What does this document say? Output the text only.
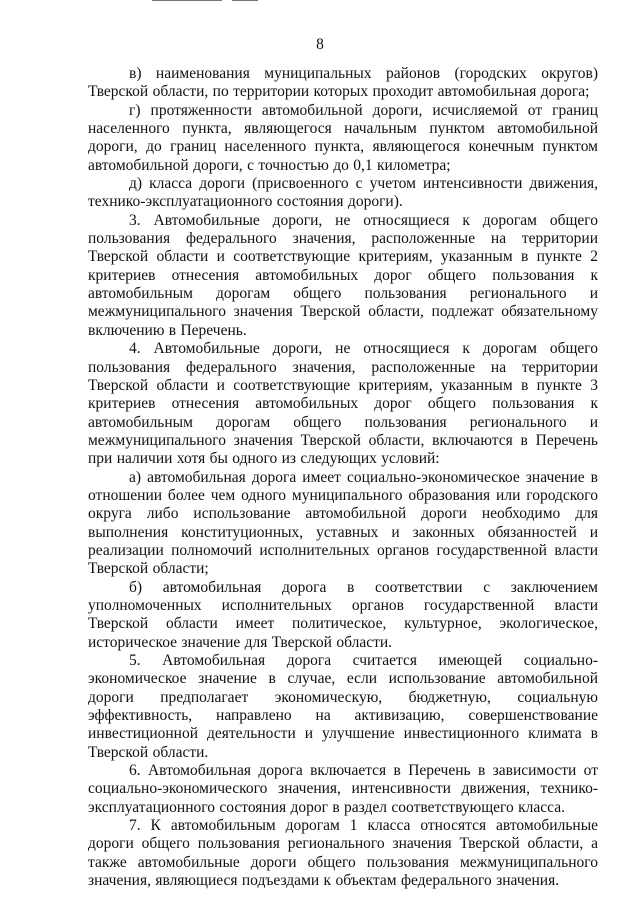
8

в) наименования муниципальных районов (городских округов) Тверской области, по территории которых проходит автомобильная дорога;

г) протяженности автомобильной дороги, исчисляемой от границ населенного пункта, являющегося начальным пунктом автомобильной дороги, до границ населенного пункта, являющегося конечным пунктом автомобильной дороги, с точностью до 0,1 километра;

д) класса дороги (присвоенного с учетом интенсивности движения, технико-эксплуатационного состояния дороги).

3. Автомобильные дороги, не относящиеся к дорогам общего пользования федерального значения, расположенные на территории Тверской области и соответствующие критериям, указанным в пункте 2 критериев отнесения автомобильных дорог общего пользования к автомобильным дорогам общего пользования регионального и межмуниципального значения Тверской области, подлежат обязательному включению в Перечень.

4. Автомобильные дороги, не относящиеся к дорогам общего пользования федерального значения, расположенные на территории Тверской области и соответствующие критериям, указанным в пункте 3 критериев отнесения автомобильных дорог общего пользования к автомобильным дорогам общего пользования регионального и межмуниципального значения Тверской области, включаются в Перечень при наличии хотя бы одного из следующих условий:

а) автомобильная дорога имеет социально-экономическое значение в отношении более чем одного муниципального образования или городского округа либо использование автомобильной дороги необходимо для выполнения конституционных, уставных и законных обязанностей и реализации полномочий исполнительных органов государственной власти Тверской области;

б) автомобильная дорога в соответствии с заключением уполномоченных исполнительных органов государственной власти Тверской области имеет политическое, культурное, экологическое, историческое значение для Тверской области.

5. Автомобильная дорога считается имеющей социально-экономическое значение в случае, если использование автомобильной дороги предполагает экономическую, бюджетную, социальную эффективность, направлено на активизацию, совершенствование инвестиционной деятельности и улучшение инвестиционного климата в Тверской области.

6. Автомобильная дорога включается в Перечень в зависимости от социально-экономического значения, интенсивности движения, технико-эксплуатационного состояния дорог в раздел соответствующего класса.

7. К автомобильным дорогам 1 класса относятся автомобильные дороги общего пользования регионального значения Тверской области, а также автомобильные дороги общего пользования межмуниципального значения, являющиеся подъездами к объектам федерального значения.
